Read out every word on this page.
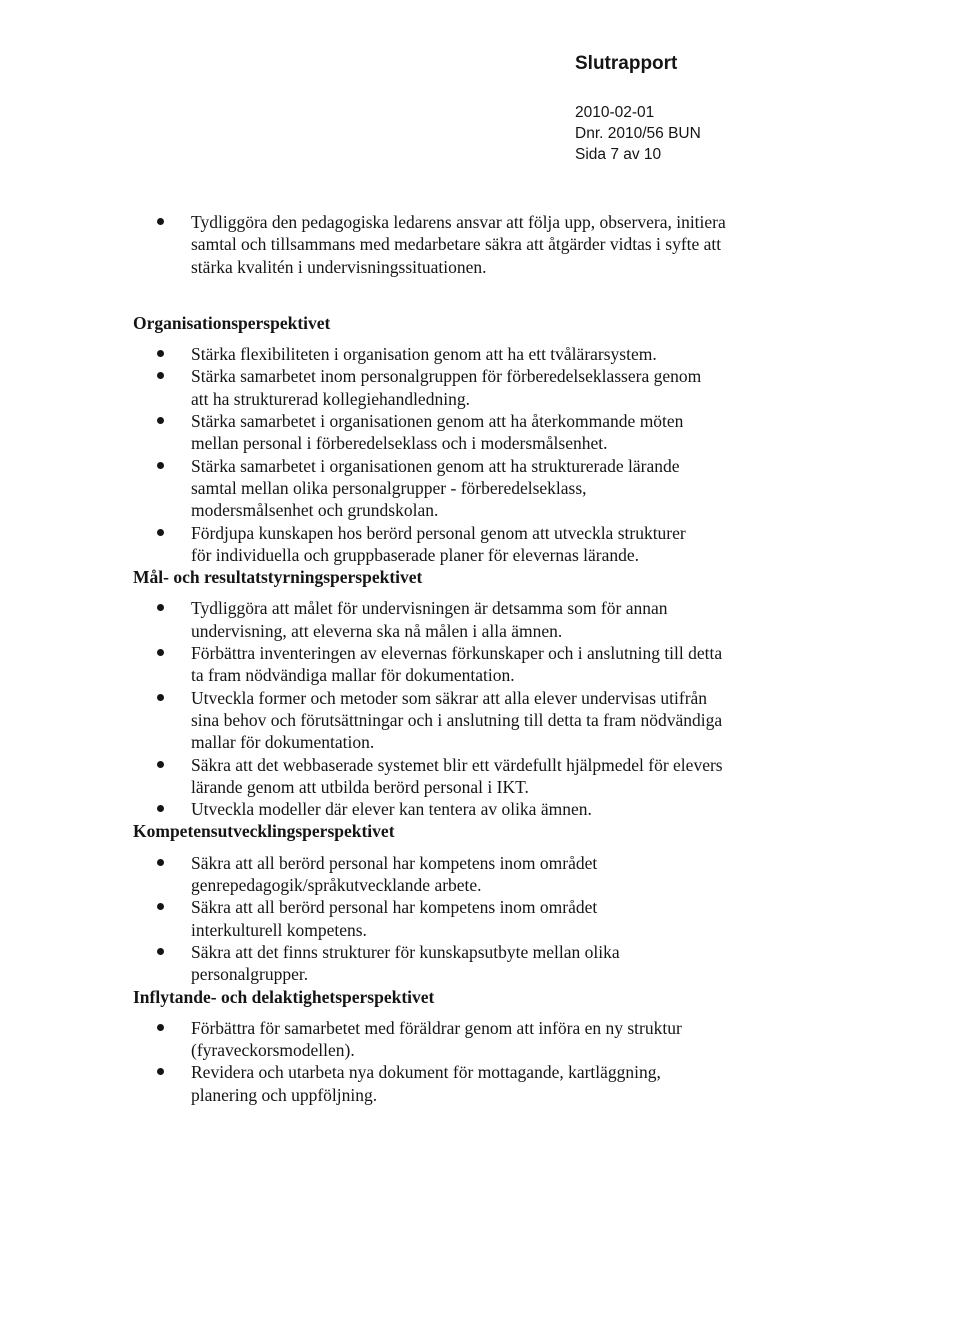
Slutrapport
2010-02-01
Dnr. 2010/56 BUN
Sida 7 av 10
Tydliggöra den pedagogiska ledarens ansvar att följa upp, observera, initiera samtal och tillsammans med medarbetare säkra att åtgärder vidtas i syfte att stärka kvalitén i undervisningssituationen.
Organisationsperspektivet
Stärka flexibiliteten i organisation genom att ha ett tvålärarsystem.
Stärka samarbetet inom personalgruppen för förberedelseklassera genom att ha strukturerad kollegiehandledning.
Stärka samarbetet i organisationen genom att ha återkommande möten mellan personal i förberedelseklass och i modersmålsenhet.
Stärka samarbetet i organisationen genom att ha strukturerade lärande samtal mellan olika personalgrupper - förberedelseklass, modersmålsenhet och grundskolan.
Fördjupa kunskapen hos berörd personal genom att utveckla strukturer för individuella och gruppbaserade planer för elevernas lärande.
Mål- och resultatstyrningsperspektivet
Tydliggöra att målet för undervisningen är detsamma som för annan undervisning, att eleverna ska nå målen i alla ämnen.
Förbättra inventeringen av elevernas förkunskaper och i anslutning till detta ta fram nödvändiga mallar för dokumentation.
Utveckla former och metoder som säkrar att alla elever undervisas utifrån sina behov och förutsättningar och i anslutning till detta ta fram nödvändiga mallar för dokumentation.
Säkra att det webbaserade systemet blir ett värdefullt hjälpmedel för elevers lärande genom att utbilda berörd personal i IKT.
Utveckla modeller där elever kan tentera av olika ämnen.
Kompetensutvecklingsperspektivet
Säkra att all berörd personal har kompetens inom området genrepedagogik/språkutvecklande arbete.
Säkra att all berörd personal har kompetens inom området interkulturell kompetens.
Säkra att det finns strukturer för kunskapsutbyte mellan olika personalgrupper.
Inflytande- och delaktighetsperspektivet
Förbättra för samarbetet med föräldrar genom att införa en ny struktur (fyraveckorsmodellen).
Revidera och utarbeta nya dokument för mottagande, kartläggning, planering och uppföljning.
